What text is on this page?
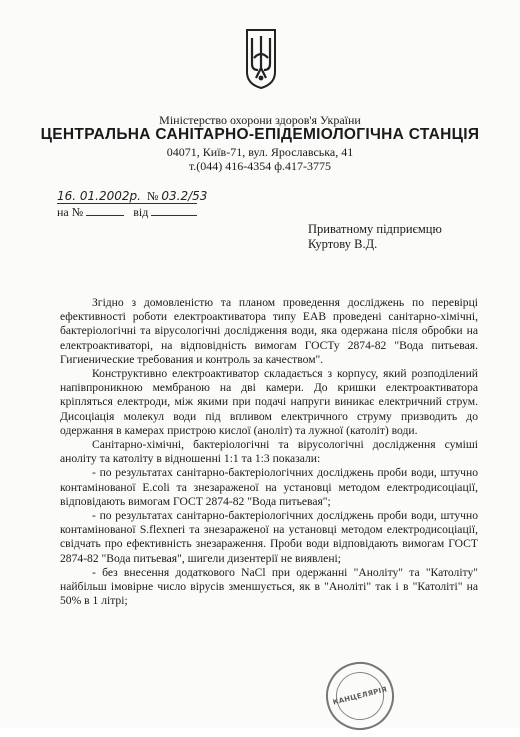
Міністерство охорони здоров'я України
ЦЕНТРАЛЬНА САНІТАРНО-ЕПІДЕМІОЛОГІЧНА СТАНЦІЯ
04071, Київ-71, вул. Ярославська, 41
т.(044) 416-4354 ф.417-3775
16. 01.2002р. № 03.2/53
на №	від
Приватному підприємцю
Куртову В.Д.

Згідно з домовленістю та планом проведення досліджень по перевірці ефективності роботи електроактиватора типу ЕАВ проведені санітарно-хімічні, бактеріологічні та вірусологічні дослідження води, яка одержана після обробки на електроактиваторі, на відповідність вимогам ГОСТу 2874-82 "Вода питьевая. Гигиенические требования и контроль за качеством".

Конструктивно електроактиватор складається з корпусу, який розподілений напівпроникною мембраною на дві камери. До кришки електроактиватора кріпляться електроди, між якими при подачі напруги виникає електричний струм. Дисоціація молекул води під впливом електричного струму призводить до одержання в камерах пристрою кислої (аноліт) та лужної (католіт) води.

Санітарно-хімічні, бактеріологічні та вірусологічні дослідження суміші аноліту та католіту в відношенні 1:1 та 1:3 показали:

- по результатах санітарно-бактеріологічних досліджень проби води, штучно контамінованої E.coli та знезараженої на установці методом електродисоціації, відповідають вимогам ГОСТ 2874-82 "Вода питьевая";

- по результатах санітарно-бактеріологічних досліджень проби води, штучно контамінованої S.flexneri та знезараженої на установці методом електродисоціації, свідчать про ефективність знезараження. Проби води відповідають вимогам ГОСТ 2874-82 "Вода питьевая", шигели дизентерії не виявлені;

- без внесення додаткового NaCl при одержанні "Аноліту" та "Католіту" найбільш імовірне число вірусів зменшується, як в "Аноліті" так і в "Католіті" на 50% в 1 літрі;

КАНЦЕЛЯРІЯ
